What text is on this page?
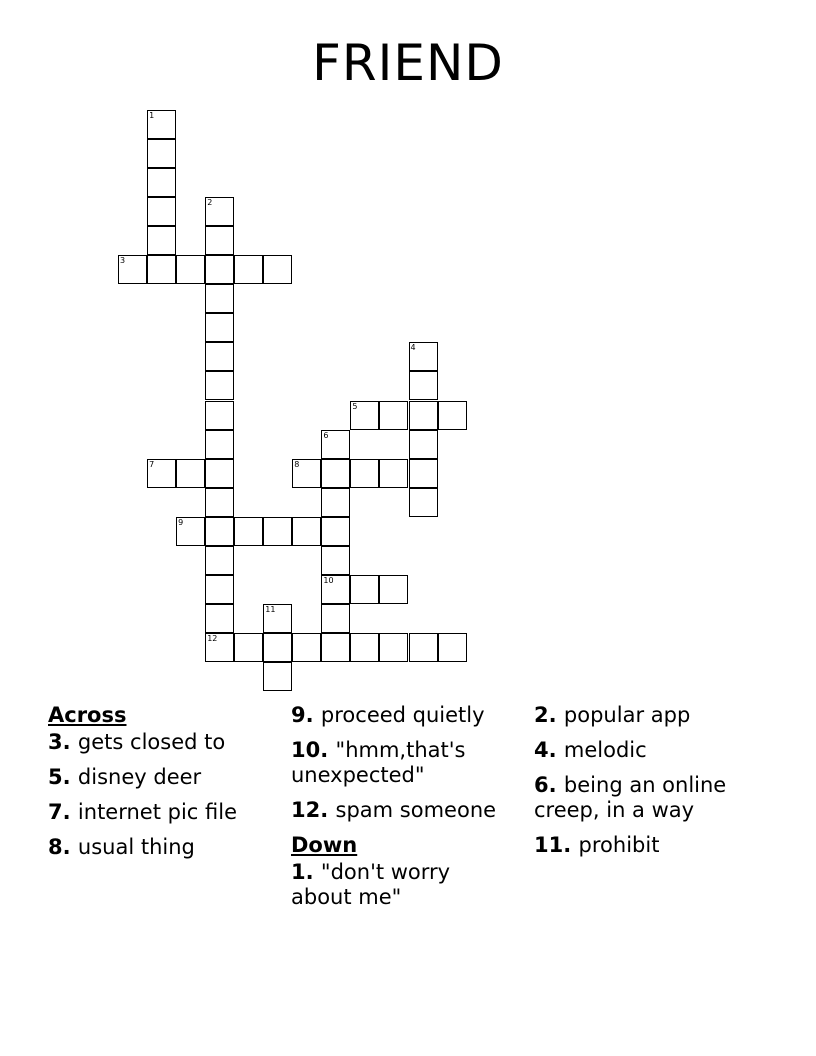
FRIEND
1
3
2
12
4
5
6
10
7	8
9
11
Across
3. gets closed to
5. disney deer
7. internet pic file
8. usual thing
9. proceed quietly
10. "hmm,that's unexpected"
12. spam someone
Down
1. "don't worry about me"
2. popular app
4. melodic
6. being an online creep, in a way
11. prohibit
